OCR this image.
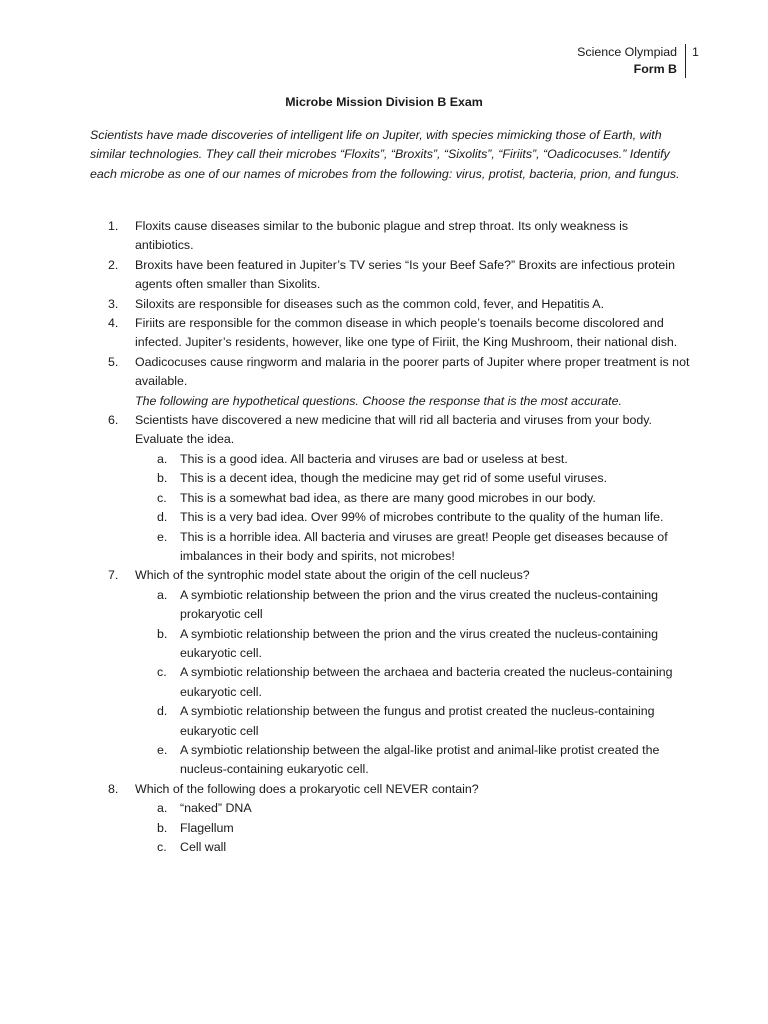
Science Olympiad
Form B
1
Microbe Mission Division B Exam
Scientists have made discoveries of intelligent life on Jupiter, with species mimicking those of Earth, with similar technologies. They call their microbes “Floxits”, “Broxits”, “Sixolits”, “Firiits”, “Oadicocuses.” Identify each microbe as one of our names of microbes from the following: virus, protist, bacteria, prion, and fungus.
1. Floxits cause diseases similar to the bubonic plague and strep throat. Its only weakness is antibiotics.
2. Broxits have been featured in Jupiter’s TV series “Is your Beef Safe?” Broxits are infectious protein agents often smaller than Sixolits.
3. Siloxits are responsible for diseases such as the common cold, fever, and Hepatitis A.
4. Firiits are responsible for the common disease in which people’s toenails become discolored and infected. Jupiter’s residents, however, like one type of Firiit, the King Mushroom, their national dish.
5. Oadicocuses cause ringworm and malaria in the poorer parts of Jupiter where proper treatment is not available.
The following are hypothetical questions. Choose the response that is the most accurate.
6. Scientists have discovered a new medicine that will rid all bacteria and viruses from your body. Evaluate the idea.
a. This is a good idea. All bacteria and viruses are bad or useless at best.
b. This is a decent idea, though the medicine may get rid of some useful viruses.
c. This is a somewhat bad idea, as there are many good microbes in our body.
d. This is a very bad idea. Over 99% of microbes contribute to the quality of the human life.
e. This is a horrible idea. All bacteria and viruses are great! People get diseases because of imbalances in their body and spirits, not microbes!
7. Which of the syntrophic model state about the origin of the cell nucleus?
a. A symbiotic relationship between the prion and the virus created the nucleus-containing prokaryotic cell
b. A symbiotic relationship between the prion and the virus created the nucleus-containing eukaryotic cell.
c. A symbiotic relationship between the archaea and bacteria created the nucleus-containing eukaryotic cell.
d. A symbiotic relationship between the fungus and protist created the nucleus-containing eukaryotic cell
e. A symbiotic relationship between the algal-like protist and animal-like protist created the nucleus-containing eukaryotic cell.
8. Which of the following does a prokaryotic cell NEVER contain?
a. “naked” DNA
b. Flagellum
c. Cell wall
